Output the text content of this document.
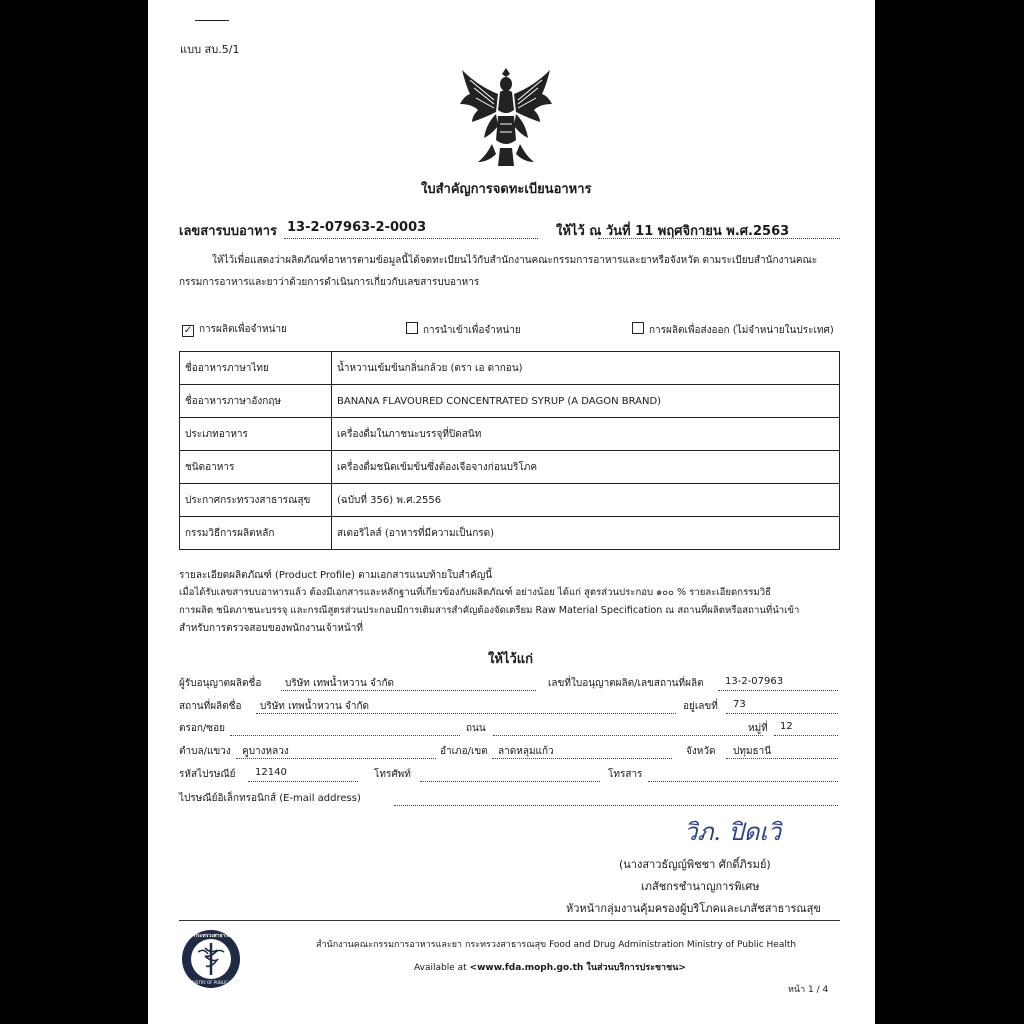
แบบ สบ.5/1
ใบสำคัญการจดทะเบียนอาหาร
เลขสารบบอาหาร 13-2-07963-2-0003	ให้ไว้ ณ วันที่ 11 พฤศจิกายน พ.ศ.2563
ให้ไว้เพื่อแสดงว่าผลิตภัณฑ์อาหารตามข้อมูลนี้ได้จดทะเบียนไว้กับสำนักงานคณะกรรมการอาหารและยาหรือจังหวัด ตามระเบียบสำนักงานคณะ
กรรมการอาหารและยาว่าด้วยการดำเนินการเกี่ยวกับเลขสารบบอาหาร
✓ การผลิตเพื่อจำหน่าย	การนำเข้าเพื่อจำหน่าย	การผลิตเพื่อส่งออก (ไม่จำหน่ายในประเทศ)
ชื่ออาหารภาษาไทย	น้ำหวานเข้มข้นกลิ่นกล้วย (ตรา เอ ดากอน)
ชื่ออาหารภาษาอังกฤษ	BANANA FLAVOURED CONCENTRATED SYRUP (A DAGON BRAND)
ประเภทอาหาร	เครื่องดื่มในภาชนะบรรจุที่ปิดสนิท
ชนิดอาหาร	เครื่องดื่มชนิดเข้มข้นซึ่งต้องเจือจางก่อนบริโภค
ประกาศกระทรวงสาธารณสุข	(ฉบับที่ 356) พ.ศ.2556
กรรมวิธีการผลิตหลัก	สเตอริไลส์ (อาหารที่มีความเป็นกรด)
รายละเอียดผลิตภัณฑ์ (Product Profile) ตามเอกสารแนบท้ายใบสำคัญนี้
เมื่อได้รับเลขสารบบอาหารแล้ว ต้องมีเอกสารและหลักฐานที่เกี่ยวข้องกับผลิตภัณฑ์ อย่างน้อย ได้แก่ สูตรส่วนประกอบ ๑๐๐ % รายละเอียดกรรมวิธี
การผลิต ชนิดภาชนะบรรจุ และกรณีสูตรส่วนประกอบมีการเติมสารสำคัญต้องจัดเตรียม Raw Material Specification ณ สถานที่ผลิตหรือสถานที่นำเข้า
สำหรับการตรวจสอบของพนักงานเจ้าหน้าที่
ให้ไว้แก่
ผู้รับอนุญาตผลิตชื่อ บริษัท เทพน้ำหวาน จำกัด	เลขที่ใบอนุญาตผลิต/เลขสถานที่ผลิต 13-2-07963
สถานที่ผลิตชื่อ บริษัท เทพน้ำหวาน จำกัด	อยู่เลขที่ 73
ตรอก/ซอย	ถนน	หมู่ที่ 12
ตำบล/แขวง คูบางหลวง	อำเภอ/เขต ลาดหลุมแก้ว	จังหวัด ปทุมธานี
รหัสไปรษณีย์ 12140	โทรศัพท์	โทรสาร
ไปรษณีย์อิเล็กทรอนิกส์ (E-mail address)
วิภ. ปิดเวิ
(นางสาวธัญญ์พิชชา ศักดิ์ภิรมย์)
เภสัชกรชำนาญการพิเศษ
หัวหน้ากลุ่มงานคุ้มครองผู้บริโภคและเภสัชสาธารณสุข
กระทรวงสาธารณสุข
MINISTRY OF PUBLIC HEALTH
สำนักงานคณะกรรมการอาหารและยา กระทรวงสาธารณสุข Food and Drug Administration Ministry of Public Health
Available at <www.fda.moph.go.th ในส่วนบริการประชาชน>
หน้า 1 / 4
